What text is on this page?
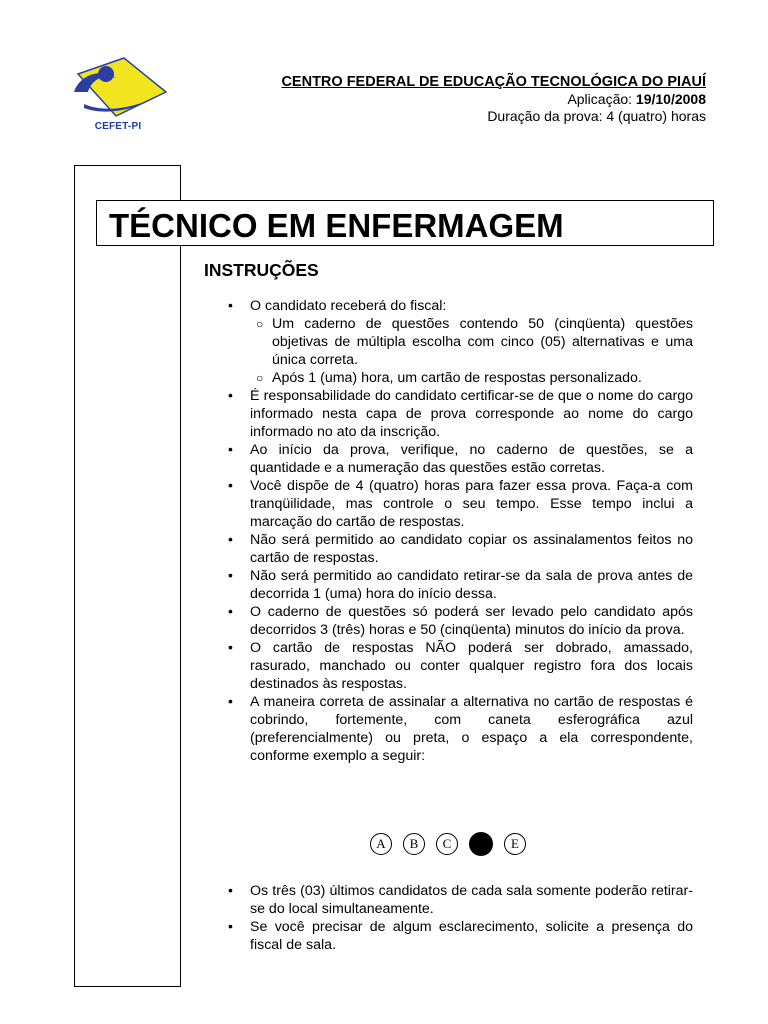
CEFET-PI
CENTRO FEDERAL DE EDUCAÇÃO TECNOLÓGICA DO PIAUÍ
Aplicação: 19/10/2008
Duração da prova: 4 (quatro) horas
TÉCNICO EM ENFERMAGEM
INSTRUÇÕES
• O candidato receberá do fiscal:
○ Um caderno de questões contendo 50 (cinqüenta) questões objetivas de múltipla escolha com cinco (05) alternativas e uma única correta.
○ Após 1 (uma) hora, um cartão de respostas personalizado.
• É responsabilidade do candidato certificar-se de que o nome do cargo informado nesta capa de prova corresponde ao nome do cargo informado no ato da inscrição.
• Ao início da prova, verifique, no caderno de questões, se a quantidade e a numeração das questões estão corretas.
• Você dispõe de 4 (quatro) horas para fazer essa prova. Faça-a com tranqüilidade, mas controle o seu tempo. Esse tempo inclui a marcação do cartão de respostas.
• Não será permitido ao candidato copiar os assinalamentos feitos no cartão de respostas.
• Não será permitido ao candidato retirar-se da sala de prova antes de decorrida 1 (uma) hora do início dessa.
• O caderno de questões só poderá ser levado pelo candidato após decorridos 3 (três) horas e 50 (cinqüenta) minutos do início da prova.
• O cartão de respostas NÃO poderá ser dobrado, amassado, rasurado, manchado ou conter qualquer registro fora dos locais destinados às respostas.
• A maneira correta de assinalar a alternativa no cartão de respostas é cobrindo, fortemente, com caneta esferográfica azul (preferencialmente) ou preta, o espaço a ela correspondente, conforme exemplo a seguir:
A	B	C	E
• Os três (03) últimos candidatos de cada sala somente poderão retirar-se do local simultaneamente.
• Se você precisar de algum esclarecimento, solicite a presença do fiscal de sala.
